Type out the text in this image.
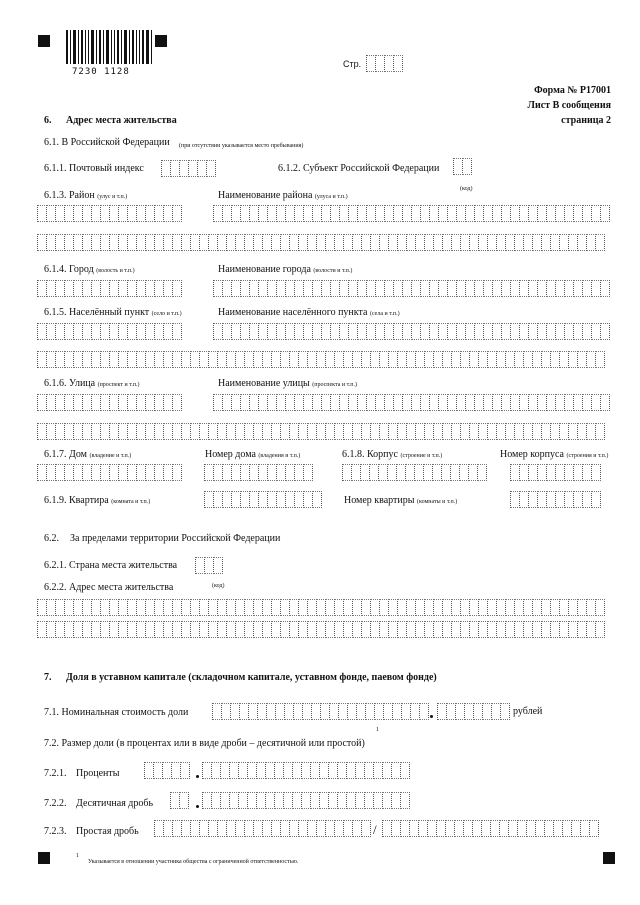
7230 1128
Стр.
Форма № Р17001
Лист В сообщения
страница 2
6. Адрес места жительства
6.1. В Российской Федерации (при отсутствии указывается место пребывания)
6.1.1. Почтовый индекс	6.1.2. Субъект Российской Федерации
(код)
6.1.3. Район (улус и т.п.)	Наименование района (улуса и т.п.)
6.1.4. Город (волость и т.п.)	Наименование города (волости и т.п.)
6.1.5. Населённый пункт (село и т.п.)	Наименование населённого пункта (села и т.п.)
6.1.6. Улица (проспект и т.п.)	Наименование улицы (проспекта и т.п.)
6.1.7. Дом (владение и т.п.)	Номер дома (владения и т.п.)	6.1.8. Корпус (строение и т.п.)	Номер корпуса (строения и т.п.)
6.1.9. Квартира (комната и т.п.)	Номер квартиры (комнаты и т.п.)
6.2. За пределами территории Российской Федерации
6.2.1. Страна места жительства
6.2.2. Адрес места жительства	(код)
7. Доля в уставном капитале (складочном капитале, уставном фонде, паевом фонде)
7.1. Номинальная стоимость доли	рублей
1
7.2. Размер доли (в процентах или в виде дроби – десятичной или простой)
7.2.1. Проценты
7.2.2. Десятичная дробь
7.2.3. Простая дробь	/
1
Указывается в отношении участника общества с ограниченной ответственностью.
